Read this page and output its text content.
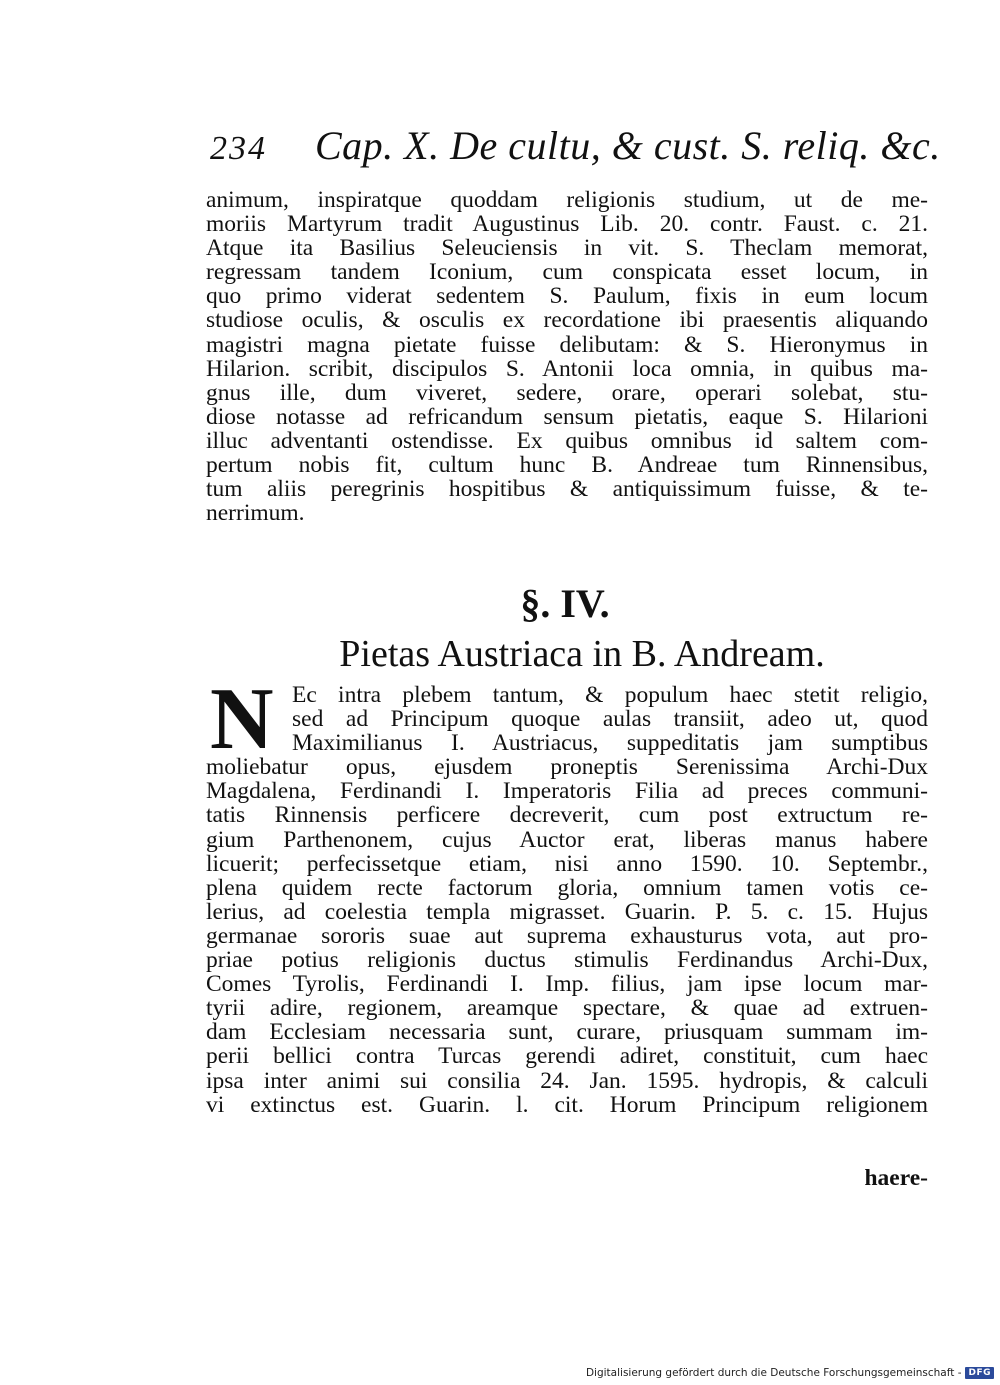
234 Cap. X. De cultu, & cust. S. reliq. &c.
animum, inspiratque quoddam religionis studium, ut de me-
moriis Martyrum tradit Augustinus Lib. 20. contr. Faust. c. 21.
Atque ita Basilius Seleuciensis in vit. S. Theclam memorat,
regressam tandem Iconium, cum conspicata esset locum, in
quo primo viderat sedentem S. Paulum, fixis in eum locum
studiose oculis, & osculis ex recordatione ibi praesentis aliquando
magistri magna pietate fuisse delibutam: & S. Hieronymus in
Hilarion. scribit, discipulos S. Antonii loca omnia, in quibus ma-
gnus ille, dum viveret, sedere, orare, operari solebat, stu-
diose notasse ad refricandum sensum pietatis, eaque S. Hilarioni
illuc adventanti ostendisse. Ex quibus omnibus id saltem com-
pertum nobis fit, cultum hunc B. Andreae tum Rinnensibus,
tum aliis peregrinis hospitibus & antiquissimum fuisse, & te-
nerrimum.
§. IV.
Pietas Austriaca in B. Andream.
N Ec intra plebem tantum, & populum haec stetit religio,
sed ad Principum quoque aulas transiit, adeo ut, quod
Maximilianus I. Austriacus, suppeditatis jam sumptibus
moliebatur opus, ejusdem proneptis Serenissima Archi-Dux
Magdalena, Ferdinandi I. Imperatoris Filia ad preces communi-
tatis Rinnensis perficere decreverit, cum post extructum re-
gium Parthenonem, cujus Auctor erat, liberas manus habere
licuerit; perfecissetque etiam, nisi anno 1590. 10. Septembr.,
plena quidem recte factorum gloria, omnium tamen votis ce-
lerius, ad coelestia templa migrasset. Guarin. P. 5. c. 15. Hujus
germanae sororis suae aut suprema exhausturus vota, aut pro-
priae potius religionis ductus stimulis Ferdinandus Archi-Dux,
Comes Tyrolis, Ferdinandi I. Imp. filius, jam ipse locum mar-
tyrii adire, regionem, areamque spectare, & quae ad extruen-
dam Ecclesiam necessaria sunt, curare, priusquam summam im-
perii bellici contra Turcas gerendi adiret, constituit, cum haec
ipsa inter animi sui consilia 24. Jan. 1595. hydropis, & calculi
vi extinctus est. Guarin. l. cit. Horum Principum religionem
haere-
Digitalisierung gefördert durch die Deutsche Forschungsgemeinschaft - DFG
